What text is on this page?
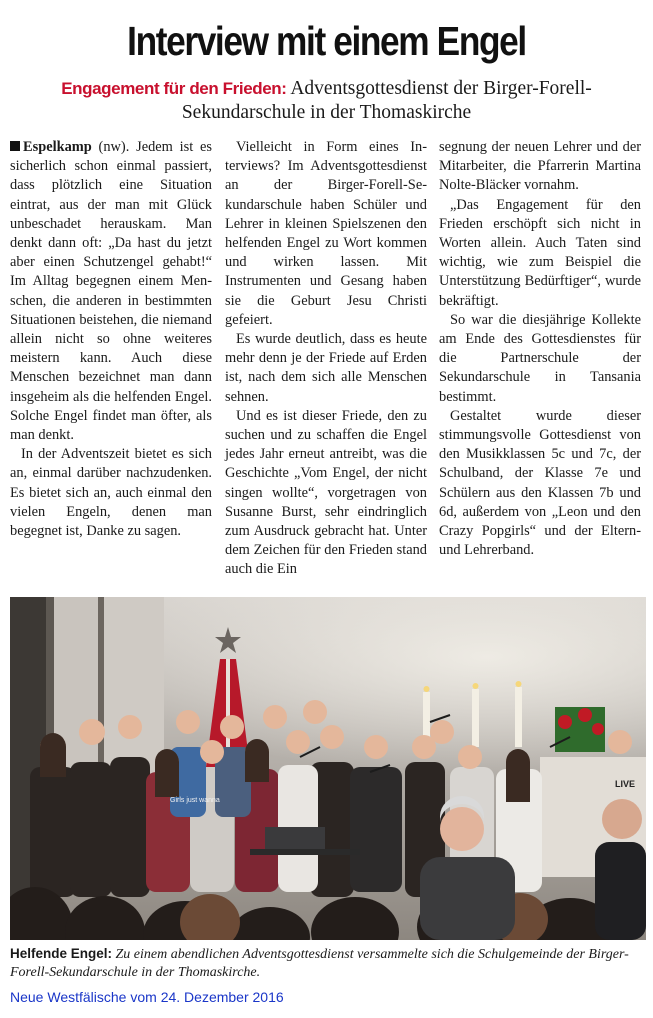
Interview mit einem Engel
Engagement für den Frieden: Adventsgottesdienst der Birger-Forell-Sekundarschule in der Thomaskirche

Espelkamp (nw). Jedem ist es sicherlich schon einmal passiert, dass plötzlich eine Situation eintrat, aus der man mit Glück unbeschadet herauskam. Man denkt dann oft: „Da hast du jetzt aber einen Schutzengel gehabt!“ Im Alltag begegnen einem Menschen, die anderen in bestimmten Situationen beistehen, die niemand allein nicht so ohne weiteres meistern kann. Auch diese Menschen bezeichnet man dann insgeheim als die helfenden Engel. Solche Engel findet man öfter, als man denkt.

In der Adventszeit bietet es sich an, einmal darüber nachzudenken. Es bietet sich an, auch einmal den vielen Engeln, denen man begegnet ist, Danke zu sagen.

Vielleicht in Form eines Interviews? Im Adventsgottesdienst an der Birger-Forell-Sekundarschule haben Schüler und Lehrer in kleinen Spielszenen den helfenden Engel zu Wort kommen und wirken lassen. Mit Instrumenten und Gesang haben sie die Geburt Jesu Christi gefeiert.

Es wurde deutlich, dass es heute mehr denn je der Friede auf Erden ist, nach dem sich alle Menschen sehnen.

Und es ist dieser Friede, den zu suchen und zu schaffen die Engel jedes Jahr erneut antreibt, was die Geschichte „Vom Engel, der nicht singen wollte“, vorgetragen von Susanne Burst, sehr eindringlich zum Ausdruck gebracht hat. Unter dem Zeichen für den Frieden stand auch die Ein

segnung der neuen Lehrer und der Mitarbeiter, die Pfarrerin Martina Nolte-Bläcker vornahm.

„Das Engagement für den Frieden erschöpft sich nicht in Worten allein. Auch Taten sind wichtig, wie zum Beispiel die Unterstützung Bedürftiger“, wurde bekräftigt.

So war die diesjährige Kollekte am Ende des Gottesdienstes für die Partnerschule der Sekundarschule in Tansania bestimmt.

Gestaltet wurde dieser stimmungsvolle Gottesdienst von den Musikklassen 5c und 7c, der Schulband, der Klasse 7e und Schülern aus den Klassen 7b und 6d, außerdem von „Leon und den Crazy Popgirls“ und der Eltern- und Lehrerband.

Girls just wanna
LIVE
Helfende Engel: Zu einem abendlichen Adventsgottesdienst versammelte sich die Schulgemeinde der Birger-Forell-Sekundarschule in der Thomaskirche.
Neue Westfälische vom 24. Dezember 2016
